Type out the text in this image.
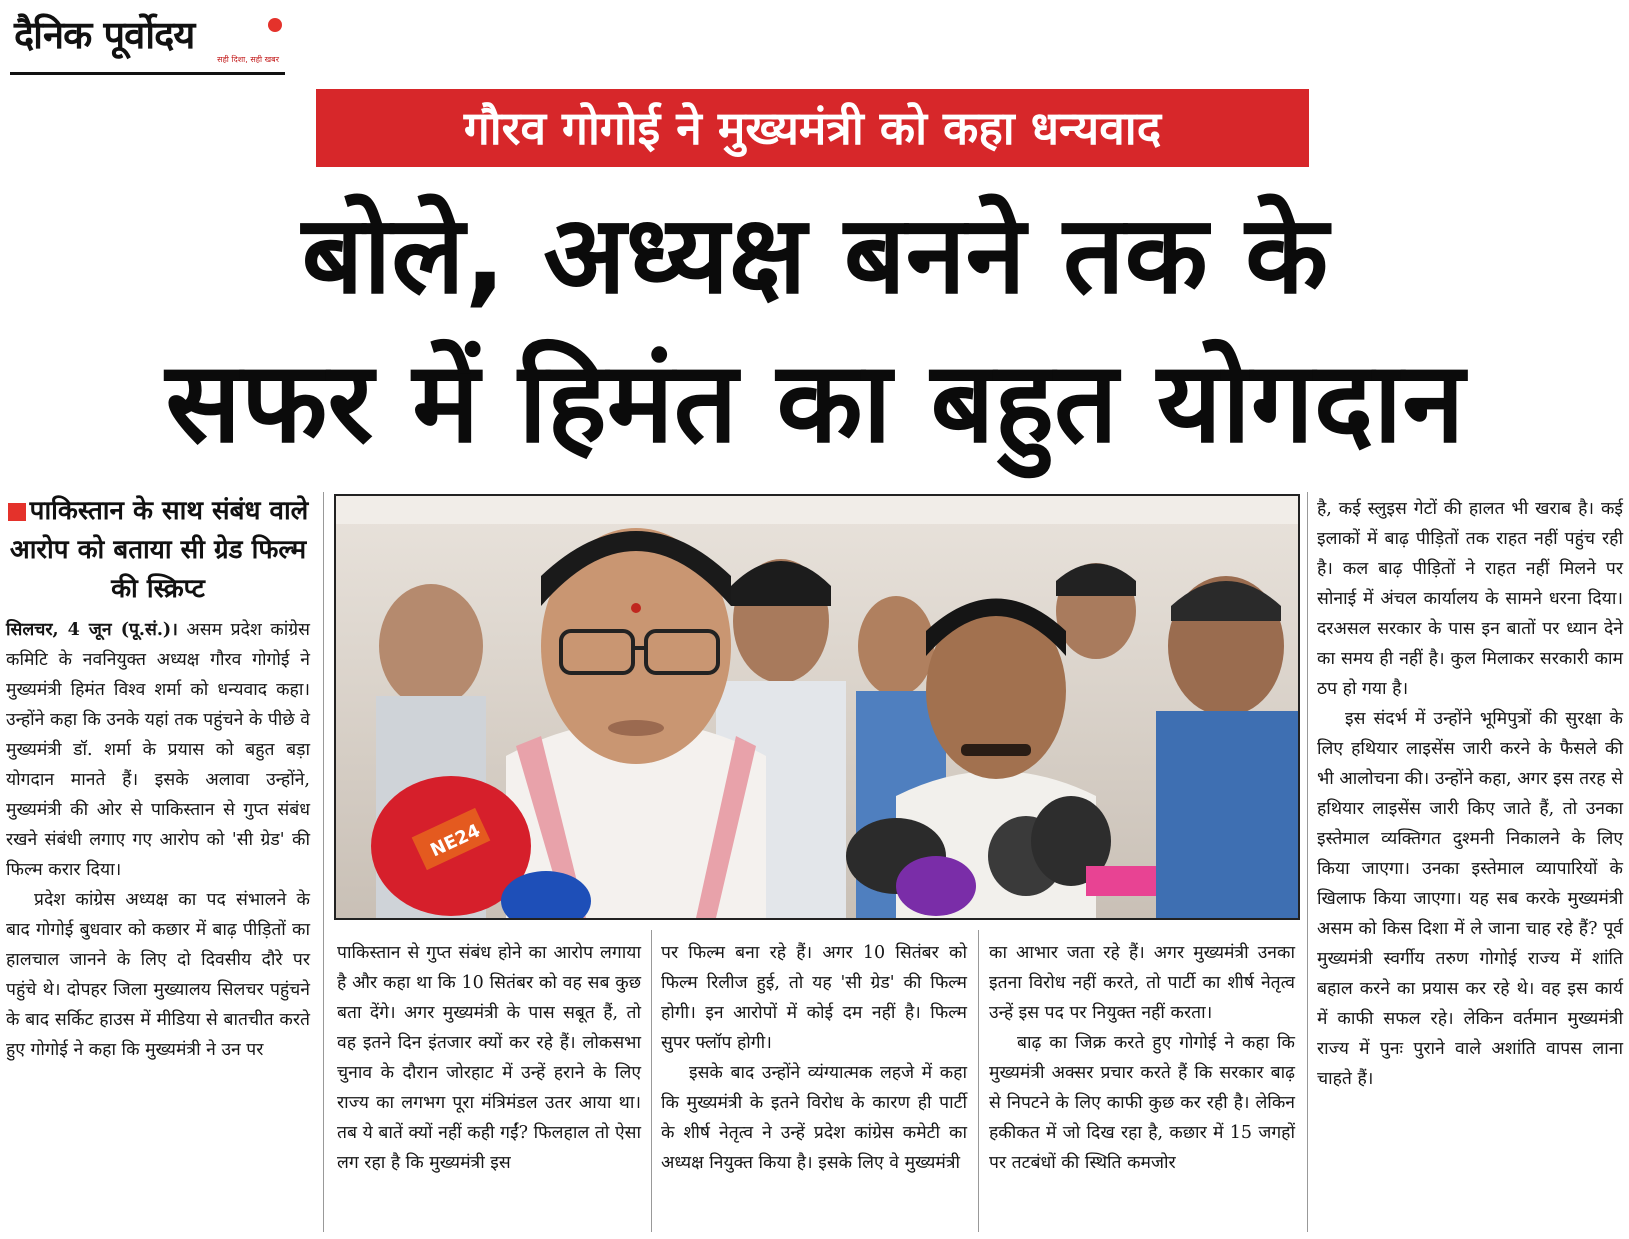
दैनिक पूर्वोदय
सही दिशा, सही खबर
गौरव गोगोई ने मुख्यमंत्री को कहा धन्यवाद
बोले, अध्यक्ष बनने तक के
सफर में हिमंत का बहुत योगदान
पाकिस्तान के साथ संबंध वाले आरोप को बताया सी ग्रेड फिल्म की स्क्रिप्ट

सिलचर, 4 जून (पू.सं.)। असम प्रदेश कांग्रेस कमिटि के नवनियुक्त अध्यक्ष गौरव गोगोई ने मुख्यमंत्री हिमंत विश्व शर्मा को धन्यवाद कहा। उन्होंने कहा कि उनके यहां तक पहुंचने के पीछे वे मुख्यमंत्री डॉ. शर्मा के प्रयास को बहुत बड़ा योगदान मानते हैं। इसके अलावा उन्होंने, मुख्यमंत्री की ओर से पाकिस्तान से गुप्त संबंध रखने संबंधी लगाए गए आरोप को 'सी ग्रेड' की फिल्म करार दिया।

प्रदेश कांग्रेस अध्यक्ष का पद संभालने के बाद गोगोई बुधवार को कछार में बाढ़ पीड़ितों का हालचाल जानने के लिए दो दिवसीय दौरे पर पहुंचे थे। दोपहर जिला मुख्यालय सिलचर पहुंचने के बाद सर्किट हाउस में मीडिया से बातचीत करते हुए गोगोई ने कहा कि मुख्यमंत्री ने उन पर

NE24

पाकिस्तान से गुप्त संबंध होने का आरोप लगाया है और कहा था कि 10 सितंबर को वह सब कुछ बता देंगे। अगर मुख्यमंत्री के पास सबूत हैं, तो वह इतने दिन इंतजार क्यों कर रहे हैं। लोकसभा चुनाव के दौरान जोरहाट में उन्हें हराने के लिए राज्य का लगभग पूरा मंत्रिमंडल उतर आया था। तब ये बातें क्यों नहीं कही गईं? फिलहाल तो ऐसा लग रहा है कि मुख्यमंत्री इस

पर फिल्म बना रहे हैं। अगर 10 सितंबर को फिल्म रिलीज हुई, तो यह 'सी ग्रेड' की फिल्म होगी। इन आरोपों में कोई दम नहीं है। फिल्म सुपर फ्लॉप होगी।

इसके बाद उन्होंने व्यंग्यात्मक लहजे में कहा कि मुख्यमंत्री के इतने विरोध के कारण ही पार्टी के शीर्ष नेतृत्व ने उन्हें प्रदेश कांग्रेस कमेटी का अध्यक्ष नियुक्त किया है। इसके लिए वे मुख्यमंत्री

का आभार जता रहे हैं। अगर मुख्यमंत्री उनका इतना विरोध नहीं करते, तो पार्टी का शीर्ष नेतृत्व उन्हें इस पद पर नियुक्त नहीं करता।

बाढ़ का जिक्र करते हुए गोगोई ने कहा कि मुख्यमंत्री अक्सर प्रचार करते हैं कि सरकार बाढ़ से निपटने के लिए काफी कुछ कर रही है। लेकिन हकीकत में जो दिख रहा है, कछार में 15 जगहों पर तटबंधों की स्थिति कमजोर

है, कई स्लुइस गेटों की हालत भी खराब है। कई इलाकों में बाढ़ पीड़ितों तक राहत नहीं पहुंच रही है। कल बाढ़ पीड़ितों ने राहत नहीं मिलने पर सोनाई में अंचल कार्यालय के सामने धरना दिया। दरअसल सरकार के पास इन बातों पर ध्यान देने का समय ही नहीं है। कुल मिलाकर सरकारी काम ठप हो गया है।

इस संदर्भ में उन्होंने भूमिपुत्रों की सुरक्षा के लिए हथियार लाइसेंस जारी करने के फैसले की भी आलोचना की। उन्होंने कहा, अगर इस तरह से हथियार लाइसेंस जारी किए जाते हैं, तो उनका इस्तेमाल व्यक्तिगत दुश्मनी निकालने के लिए किया जाएगा। उनका इस्तेमाल व्यापारियों के खिलाफ किया जाएगा। यह सब करके मुख्यमंत्री असम को किस दिशा में ले जाना चाह रहे हैं? पूर्व मुख्यमंत्री स्वर्गीय तरुण गोगोई राज्य में शांति बहाल करने का प्रयास कर रहे थे। वह इस कार्य में काफी सफल रहे। लेकिन वर्तमान मुख्यमंत्री राज्य में पुनः पुराने वाले अशांति वापस लाना चाहते हैं।
